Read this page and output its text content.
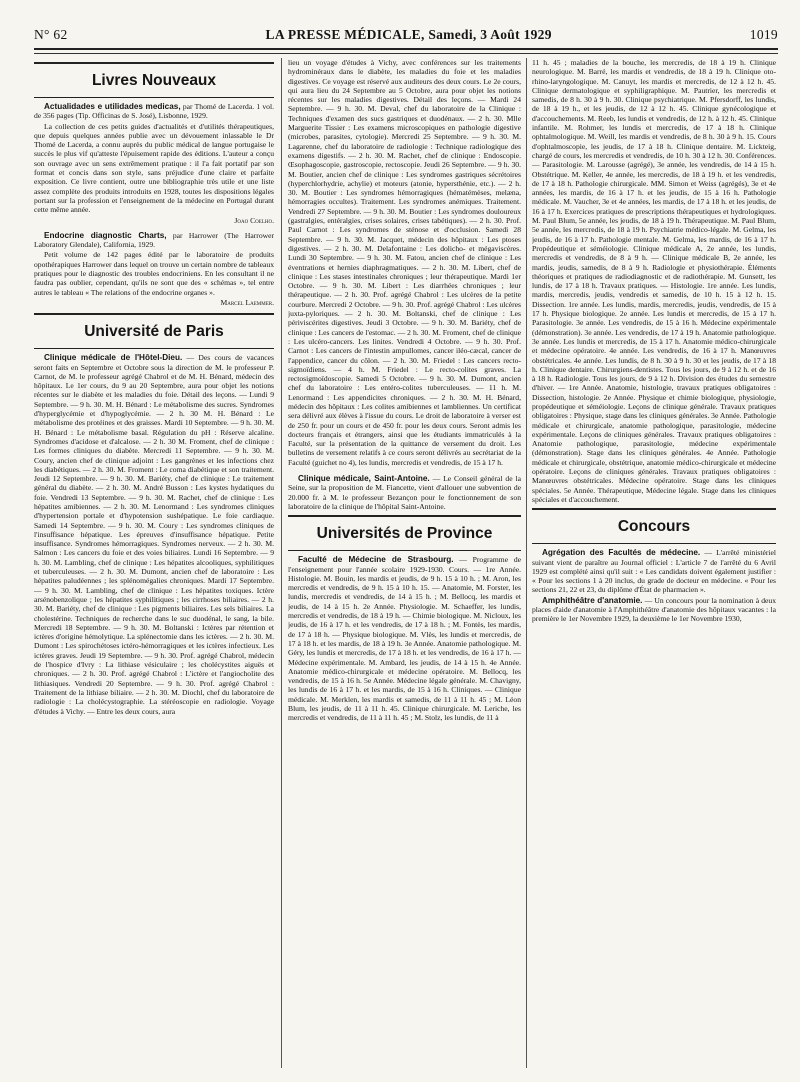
N° 62	LA PRESSE MÉDICALE, Samedi, 3 Août 1929	1019
Livres Nouveaux

Actualidades e utilidades medicas, par Thomé de Lacerda. 1 vol. de 356 pages (Tip. Officinas de S. José), Lisbonne, 1929.

La collection de ces petits guides d'actualités et d'utilités thérapeutiques, que depuis quelques années publie avec un dévouement inlassable le Dr Thomé de Lacerda, a connu auprès du public médical de langue portugaise le succès le plus vif qu'atteste l'épuisement rapide des éditions. L'auteur a conçu son ouvrage avec un sens extrêmement pratique : il l'a fait portatif par son format et concis dans son style, sans préjudice d'une claire et parfaite exposition. Ce livre contient, outre une bibliographie très utile et une liste assez complète des produits introduits en 1928, toutes les dispositions légales portant sur la profession et l'enseignement de la médecine en Portugal durant cette même année.

Joao Coelho.

Endocrine diagnostic Charts, par Harrower (The Harrower Laboratory Glendale), California, 1929.

Petit volume de 142 pages édité par le laboratoire de produits opothérapiques Harrower dans lequel on trouve un certain nombre de tableaux pratiques pour le diagnostic des troubles endocriniens. En les consultant il ne faudra pas oublier, cependant, qu'ils ne sont que des « schémas », tel entre autres le tableau « The relations of the endocrine organes ».

Marcel Laemmer.
Université de Paris

Clinique médicale de l'Hôtel-Dieu. — Des cours de vacances seront faits en Septembre et Octobre sous la direction de M. le professeur P. Carnot, de M. le professeur agrégé Chabrol et de M. H. Bénard, médecin des hôpitaux. Le 1er cours, du 9 au 20 Septembre, aura pour objet les notions récentes sur le diabète et les maladies du foie. Détail des leçons. — Lundi 9 Septembre. — 9 h. 30. M. H. Bénard : Le métabolisme des sucres. Syndromes d'hyperglycémie et d'hypoglycémie. — 2 h. 30 M. H. Bénard : Le métabolisme des protéines et des graisses. Mardi 10 Septembre. — 9 h. 30. M. H. Bénard : Le métabolisme basal. Régulation du pH : Réserve alcaline. Syndromes d'acidose et d'alcalose. — 2 h. 30 M. Froment, chef de clinique : Les formes cliniques du diabète. Mercredi 11 Septembre. — 9 h. 30. M. Coury, ancien chef de clinique adjoint : Les gangrènes et les infections chez les diabétiques. — 2 h. 30. M. Froment : Le coma diabétique et son traitement. Jeudi 12 Septembre. — 9 h. 30. M. Bariéty, chef de clinique : Le traitement général du diabète. — 2 h. 30. M. André Busson : Les kystes hydatiques du foie. Vendredi 13 Septembre. — 9 h. 30. M. Rachet, chef de clinique : Les hépatites amibiennes. — 2 h. 30. M. Lenormand : Les syndromes cliniques d'hypertension portale et d'hypotension sushépatique. Le foie cardiaque. Samedi 14 Septembre. — 9 h. 30. M. Coury : Les syndromes cliniques de l'insuffisance hépatique. Les épreuves d'insuffisance hépatique. Petite insuffisance. Syndromes hémorragiques. Syndromes nerveux. — 2 h. 30. M. Salmon : Les cancers du foie et des voies biliaires. Lundi 16 Septembre. — 9 h. 30. M. Lambling, chef de clinique : Les hépatites alcooliques, syphilitiques et tuberculeuses. — 2 h. 30. M. Dumont, ancien chef de laboratoire : Les hépatites paludéennes ; les splénomégalies chroniques. Mardi 17 Septembre. — 9 h. 30. M. Lambling, chef de clinique : Les hépatites toxiques. Ictère arsénobenzolique ; les hépatites syphilitiques ; les cirrhoses biliaires. — 2 h. 30. M. Bariéty, chef de clinique : Les pigments biliaires. Les sels biliaires. La cholestérine. Techniques de recherche dans le suc duodénal, le sang, la bile. Mercredi 18 Septembre. — 9 h. 30. M. Boltanski : Ictères par rétention et ictères d'origine hémolytique. La splénectomie dans les ictères. — 2 h. 30. M. Dumont : Les spirochétoses ictéro-hémorragiques et les ictères infectieux. Les ictères graves. Jeudi 19 Septembre. — 9 h. 30. Prof. agrégé Chabrol, médecin de l'hospice d'Ivry : La lithiase vésiculaire ; les cholécystites aiguës et chroniques. — 2 h. 30. Prof. agrégé Chabrol : L'ictère et l'angiocholite des lithiasiques. Vendredi 20 Septembre. — 9 h. 30. Prof. agrégé Chabrol : Traitement de la lithiase biliaire. — 2 h. 30. M. Diochl, chef du laboratoire de radiologie : La cholécystographie. La stéréoscopie en radiologie. Voyage d'études à Vichy. — Entre les deux cours, aura

lieu un voyage d'études à Vichy, avec conférences sur les traitements hydrominéraux dans le diabète, les maladies du foie et les maladies digestives. Ce voyage est réservé aux auditeurs des deux cours. Le 2e cours, qui aura lieu du 24 Septembre au 5 Octobre, aura pour objet les notions récentes sur les maladies digestives. Détail des leçons. — Mardi 24 Septembre. — 9 h. 30. M. Deval, chef du laboratoire de la Clinique : Techniques d'examen des sucs gastriques et duodénaux. — 2 h. 30. Mlle Marguerite Tissier : Les examens microscopiques en pathologie digestive (microbes, parasites, cytologie). Mercredi 25 Septembre. — 9 h. 30. M. Lagarenne, chef du laboratoire de radiologie : Technique radiologique des examens digestifs. — 2 h. 30. M. Rachet, chef de clinique : Endoscopie. Œsophagoscopie, gastroscopie, rectoscopie. Jeudi 26 Septembre. — 9 h. 30. M. Boutier, ancien chef de clinique : Les syndromes gastriques sécrétoires (hyperchlorhydrie, achylie) et moteurs (atonie, hypersthénie, etc.). — 2 h. 30. M. Boutier : Les syndromes hémorragiques (hématémèses, melæna, hémorragies occultes). Traitement. Les syndromes anémiques. Traitement. Vendredi 27 Septembre. — 9 h. 30. M. Boutier : Les syndromes douloureux (gastralgies, entéralgies, crises solaires, crises tabétiques). — 2 h. 30. Prof. Paul Carnot : Les syndromes de sténose et d'occlusion. Samedi 28 Septembre. — 9 h. 30. M. Jacquet, médecin des hôpitaux : Les ptoses digestives. — 2 h. 30. M. Delafontaine : Les dolicho- et mégaviscères. Lundi 30 Septembre. — 9 h. 30. M. Fatou, ancien chef de clinique : Les éventrations et hernies diaphragmatiques. — 2 h. 30. M. Libert, chef de clinique : Les stases intestinales chroniques ; leur thérapeutique. Mardi 1er Octobre. — 9 h. 30. M. Libert : Les diarrhées chroniques ; leur thérapeutique. — 2 h. 30. Prof. agrégé Chabrol : Les ulcères de la petite courbure. Mercredi 2 Octobre. — 9 h. 30. Prof. agrégé Chabrol : Les ulcères juxta-pyloriques. — 2 h. 30. M. Boltanski, chef de clinique : Les périviscérites digestives. Jeudi 3 Octobre. — 9 h. 30. M. Bariéty, chef de clinique : Les cancers de l'estomac. — 2 h. 30. M. Froment, chef de clinique : Les ulcéro-cancers. Les linites. Vendredi 4 Octobre. — 9 h. 30. Prof. Carnot : Les cancers de l'intestin ampullomes, cancer iléo-cæcal, cancer de l'appendice, cancer du côlon. — 2 h. 30. M. Friedel : Les cancers recto-sigmoïdiens. — 4 h. M. Friedel : Le recto-colites graves. La rectosigmoïdoscopie. Samedi 5 Octobre. — 9 h. 30. M. Dumont, ancien chef du laboratoire : Les entéro-colites tuberculeuses. — 11 h. M. Lenormand : Les appendicites chroniques. — 2 h. 30. M. H. Bénard, médecin des hôpitaux : Les colites amibiennes et lambliennes. Un certificat sera délivré aux élèves à l'issue du cours. Le droit de laboratoire à verser est de 250 fr. pour un cours et de 450 fr. pour les deux cours. Seront admis les docteurs français et étrangers, ainsi que les étudiants immatriculés à la Faculté, sur la présentation de la quittance de versement du droit. Les bulletins de versement relatifs à ce cours seront délivrés au secrétariat de la Faculté (guichet no 4), les lundis, mercredis et vendredis, de 15 à 17 h.

Clinique médicale, Saint-Antoine. — Le Conseil général de la Seine, sur la proposition de M. Fiancette, vient d'allouer une subvention de 20.000 fr. à M. le professeur Bezançon pour le fonctionnement de son laboratoire de la clinique de l'hôpital Saint-Antoine.

Universités de Province

Faculté de Médecine de Strasbourg. — Programme de l'enseignement pour l'année scolaire 1929-1930. Cours. — 1re Année. Histologie. M. Bouin, les mardis et jeudis, de 9 h. 15 à 10 h. ; M. Aron, les mercredis et vendredis, de 9 h. 15 à 10 h. 15. — Anatomie, M. Forster, les lundis, mercredis et vendredis, de 14 à 15 h. ; M. Bellocq, les mardis et jeudis, de 14 à 15 h. 2e Année. Physiologie. M. Schaeffer, les lundis, mercredis et vendredis, de 18 à 19 h. — Chimie biologique. M. Nicloux, les jeudis, de 16 à 17 h. et les vendredis, de 17 à 18 h. ; M. Fontès, les mardis, de 17 à 18 h. — Physique biologique. M. Vlès, les lundis et mercredis, de 17 à 18 h. et les mardis, de 18 à 19 h. 3e Année. Anatomie pathologique. M. Géry, les lundis et mercredis, de 17 à 18 h. et les vendredis, de 16 à 17 h. — Médecine expérimentale. M. Ambard, les jeudis, de 14 à 15 h. 4e Année. Anatomie médico-chirurgicale et médecine opératoire. M. Bellocq, les vendredis, de 15 à 16 h. 5e Année. Médecine légale générale. M. Chavigny, les lundis de 16 à 17 h. et les mardis, de 15 à 16 h. Cliniques. — Clinique médicale. M. Merklen, les mardis et samedis, de 11 à 11 h. 45 ; M. Léon Blum, les jeudis, de 11 à 11 h. 45. Clinique chirurgicale. M. Leriche, les mercredis et vendredis, de 11 à 11 h. 45 ; M. Stolz, les lundis, de 11 à

11 h. 45 ; maladies de la bouche, les mercredis, de 18 à 19 h. Clinique neurologique. M. Barré, les mardis et vendredis, de 18 à 19 h. Clinique oto-rhino-laryngologique. M. Canuyt, les mardis et mercredis, de 12 à 12 h. 45. Clinique dermatologique et syphiligraphique. M. Pautrier, les mercredis et samedis, de 8 h. 30 à 9 h. 30. Clinique psychiatrique. M. Pfersdorff, les lundis, de 18 à 19 h., et les jeudis, de 12 à 12 h. 45. Clinique gynécologique et d'accouchements. M. Reeb, les lundis et vendredis, de 12 h. à 12 h. 45. Clinique infantile. M. Rohmer, les lundis et mercredis, de 17 à 18 h. Clinique ophtalmologique. M. Weill, les mardis et vendredis, de 8 h. 30 à 9 h. 15. Cours d'ophtalmoscopie, les jeudis, de 17 à 18 h. Clinique dentaire. M. Lickteig, chargé de cours, les mercredis et vendredis, de 10 h. 30 à 12 h. 30. Conférences. — Parasitologie. M. Larousse (agrégé), 3e année, les vendredis, de 14 à 15 h. Obstétrique. M. Keller, 4e année, les mercredis, de 18 à 19 h. et les vendredis, de 17 à 18 h. Pathologie chirurgicale. MM. Simon et Weiss (agrégés), 3e et 4e années, les mardis, de 16 à 17 h. et les jeudis, de 15 à 16 h. Pathologie médicale. M. Vaucher, 3e et 4e années, les mardis, de 17 à 18 h. et les jeudis, de 16 à 17 h. Exercices pratiques de prescriptions thérapeutiques et hydrologiques. M. Paul Blum, 5e année, les jeudis, de 18 à 19 h. Thérapeutique. M. Paul Blum, 5e année, les mercredis, de 18 à 19 h. Psychiatrie médico-légale. M. Gelma, les jeudis, de 16 à 17 h. Pathologie mentale. M. Gelma, les mardis, de 16 à 17 h. Propédeutique et séméiologie. Clinique médicale A, 2e année, les lundis, mercredis et vendredis, de 8 à 9 h. — Clinique médicale B, 2e année, les mardis, jeudis, samedis, de 8 à 9 h. Radiologie et physiothérapie. Éléments théoriques et pratiques de radiodiagnostic et de radiothérapie. M. Gunsett, les lundis, de 17 à 18 h. Travaux pratiques. — Histologie. 1re année. Les lundis, mardis, mercredis, jeudis, vendredis et samedis, de 10 h. 15 à 12 h. 15. Dissection. 1re année. Les lundis, mardis, mercredis, jeudis, vendredis, de 15 à 17 h. Physique biologique. 2e année. Les lundis et mercredis, de 15 à 17 h. Parasitologie. 3e année. Les vendredis, de 15 à 16 h. Médecine expérimentale (démonstration). 3e année. Les vendredis, de 17 à 19 h. Anatomie pathologique. 3e année. Les lundis et mercredis, de 15 à 17 h. Anatomie médico-chirurgicale et médecine opératoire. 4e année. Les vendredis, de 16 à 17 h. Manœuvres obstétricales. 4e année. Les lundis, de 8 h. 30 à 9 h. 30 et les jeudis, de 17 à 18 h. Clinique dentaire. Chirurgiens-dentistes. Tous les jours, de 9 à 12 h. et de 16 à 18 h. Radiologie. Tous les jours, de 9 à 12 h. Division des études du semestre d'hiver. — 1re Année. Anatomie, histologie, travaux pratiques obligatoires : Dissection, histologie. 2e Année. Physique et chimie biologique, physiologie, propédeutique et séméiologie. Leçons de clinique générale. Travaux pratiques obligatoires : Physique, stage dans les cliniques générales. 3e Année. Pathologie médicale et chirurgicale, anatomie pathologique, parasitologie, médecine expérimentale. Leçons de cliniques générales. Travaux pratiques obligatoires : Anatomie pathologique, parasitologie, médecine expérimentale (démonstration). Stage dans les cliniques générales. 4e Année. Pathologie médicale et chirurgicale, obstétrique, anatomie médico-chirurgicale et médecine opératoire. Leçons de cliniques générales. Travaux pratiques obligatoires : Manœuvres obstétricales. Médecine opératoire. Stage dans les cliniques spéciales. 5e Année. Thérapeutique, Médecine légale. Stage dans les cliniques spéciales et d'accouchement.

Concours

Agrégation des Facultés de médecine. — L'arrêté ministériel suivant vient de paraître au Journal officiel : L'article 7 de l'arrêté du 6 Avril 1929 est complété ainsi qu'il suit : « Les candidats doivent également justifier : « Pour les sections 1 à 20 inclus, du grade de docteur en médecine. « Pour les sections 21, 22 et 23, du diplôme d'État de pharmacien ».

Amphithéâtre d'anatomie. — Un concours pour la nomination à deux places d'aide d'anatomie à l'Amphithéâtre d'anatomie des hôpitaux vacantes : la première le 1er Novembre 1929, la deuxième le 1er Novembre 1930,
